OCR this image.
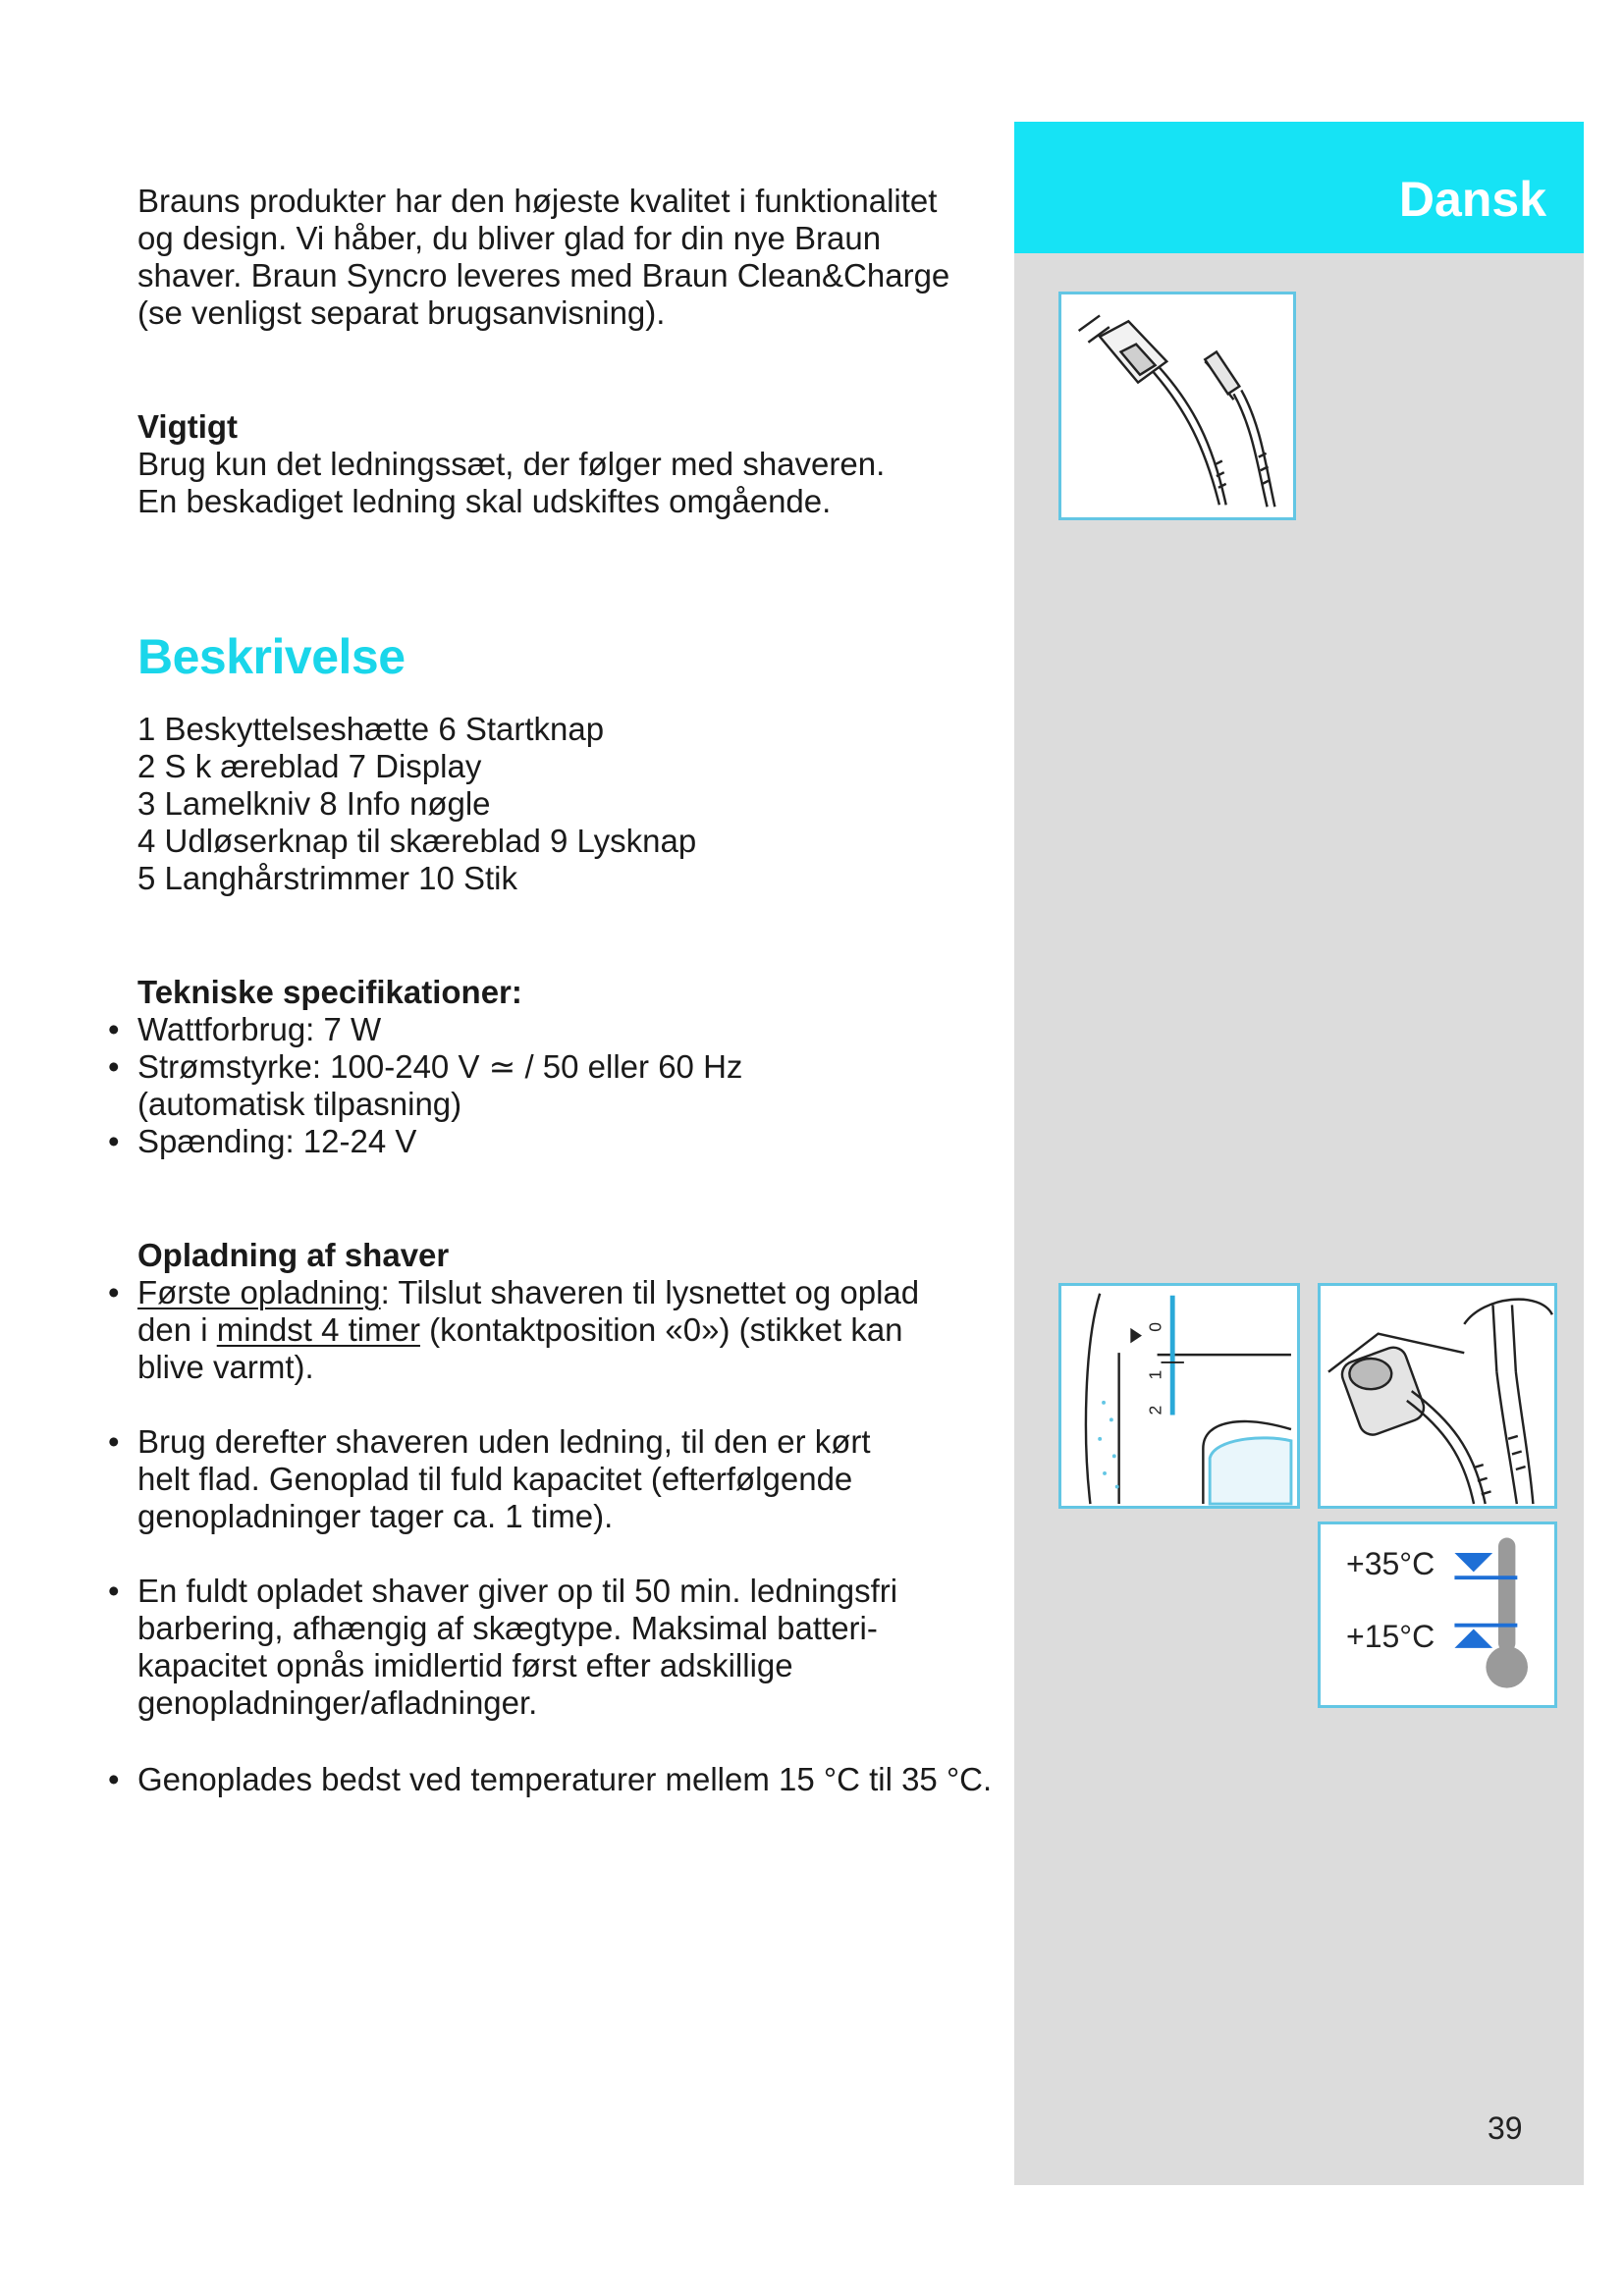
Dansk

Brauns produkter har den højeste kvalitet i funktionalitet

og design. Vi håber, du bliver glad for din nye Braun

shaver. Braun Syncro leveres med Braun Clean&Charge

(se venligst separat brugsanvisning).

Vigtigt

Brug kun det ledningssæt, der følger med shaveren.

En beskadiget ledning skal udskiftes omgående.

Beskrivelse

1 Beskyttelseshætte 6 Startknap

2 S k æreblad 7 Display

3 Lamelkniv 8 Info nøgle

4 Udløserknap til skæreblad 9 Lysknap

5 Langhårstrimmer 10 Stik

Tekniske specifikationer:

• Wattforbrug: 7 W

• Strømstyrke: 100-240 V ≃ / 50 eller 60 Hz

(automatisk tilpasning)

• Spænding: 12-24 V

Opladning af shaver

• Første opladning: Tilslut shaveren til lysnettet og oplad

den i mindst 4 timer (kontaktposition «0») (stikket kan

blive varmt).

• Brug derefter shaveren uden ledning, til den er kørt

helt flad. Genoplad til fuld kapacitet (efterfølgende

genopladninger tager ca. 1 time).

• En fuldt opladet shaver giver op til 50 min. ledningsfri

barbering, afhængig af skægtype. Maksimal batteri-

kapacitet opnås imidlertid først efter adskillige

genopladninger/afladninger.

• Genoplades bedst ved temperaturer mellem 15 °C til 35 °C.

0
1
2
+35°C
+15°C
39
